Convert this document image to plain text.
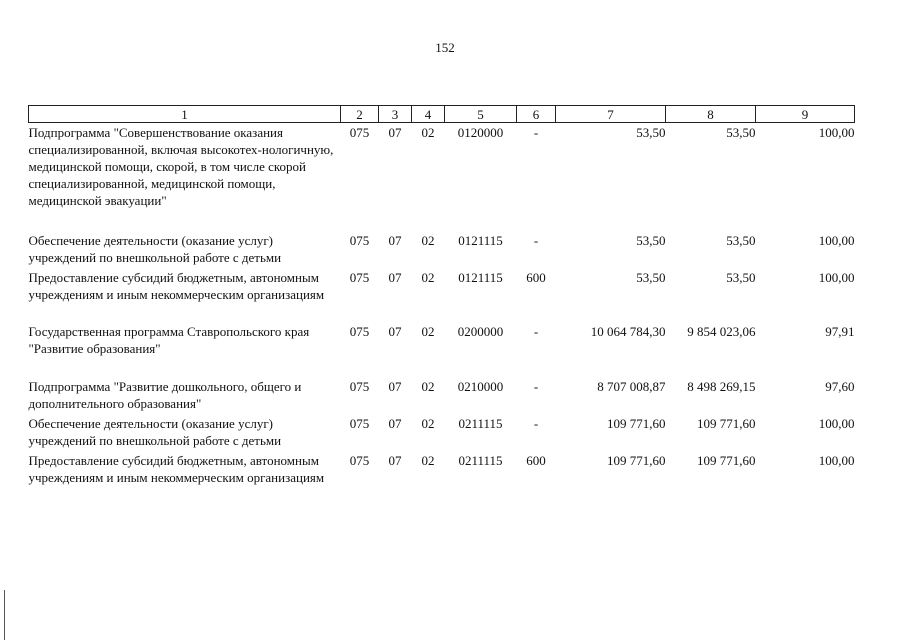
152
1	2	3	4	5	6	7	8	9
Подпрограмма "Совершенствование оказания специализированной, включая высокотех-нологичную, медицинской помощи, скорой, в том числе скорой специализированной, медицинской помощи, медицинской эвакуации"	075	07	02	0120000	-	53,50	53,50	100,00
Обеспечение деятельности (оказание услуг) учреждений по внешкольной работе с детьми	075	07	02	0121115	-	53,50	53,50	100,00
Предоставление субсидий бюджетным, автономным учреждениям и иным некоммерческим организациям	075	07	02	0121115	600	53,50	53,50	100,00
Государственная программа Ставропольского края "Развитие образования"	075	07	02	0200000	-	10 064 784,30	9 854 023,06	97,91
Подпрограмма "Развитие дошкольного, общего и дополнительного образования"	075	07	02	0210000	-	8 707 008,87	8 498 269,15	97,60
Обеспечение деятельности (оказание услуг) учреждений по внешкольной работе с детьми	075	07	02	0211115	-	109 771,60	109 771,60	100,00
Предоставление субсидий бюджетным, автономным учреждениям и иным некоммерческим организациям	075	07	02	0211115	600	109 771,60	109 771,60	100,00
